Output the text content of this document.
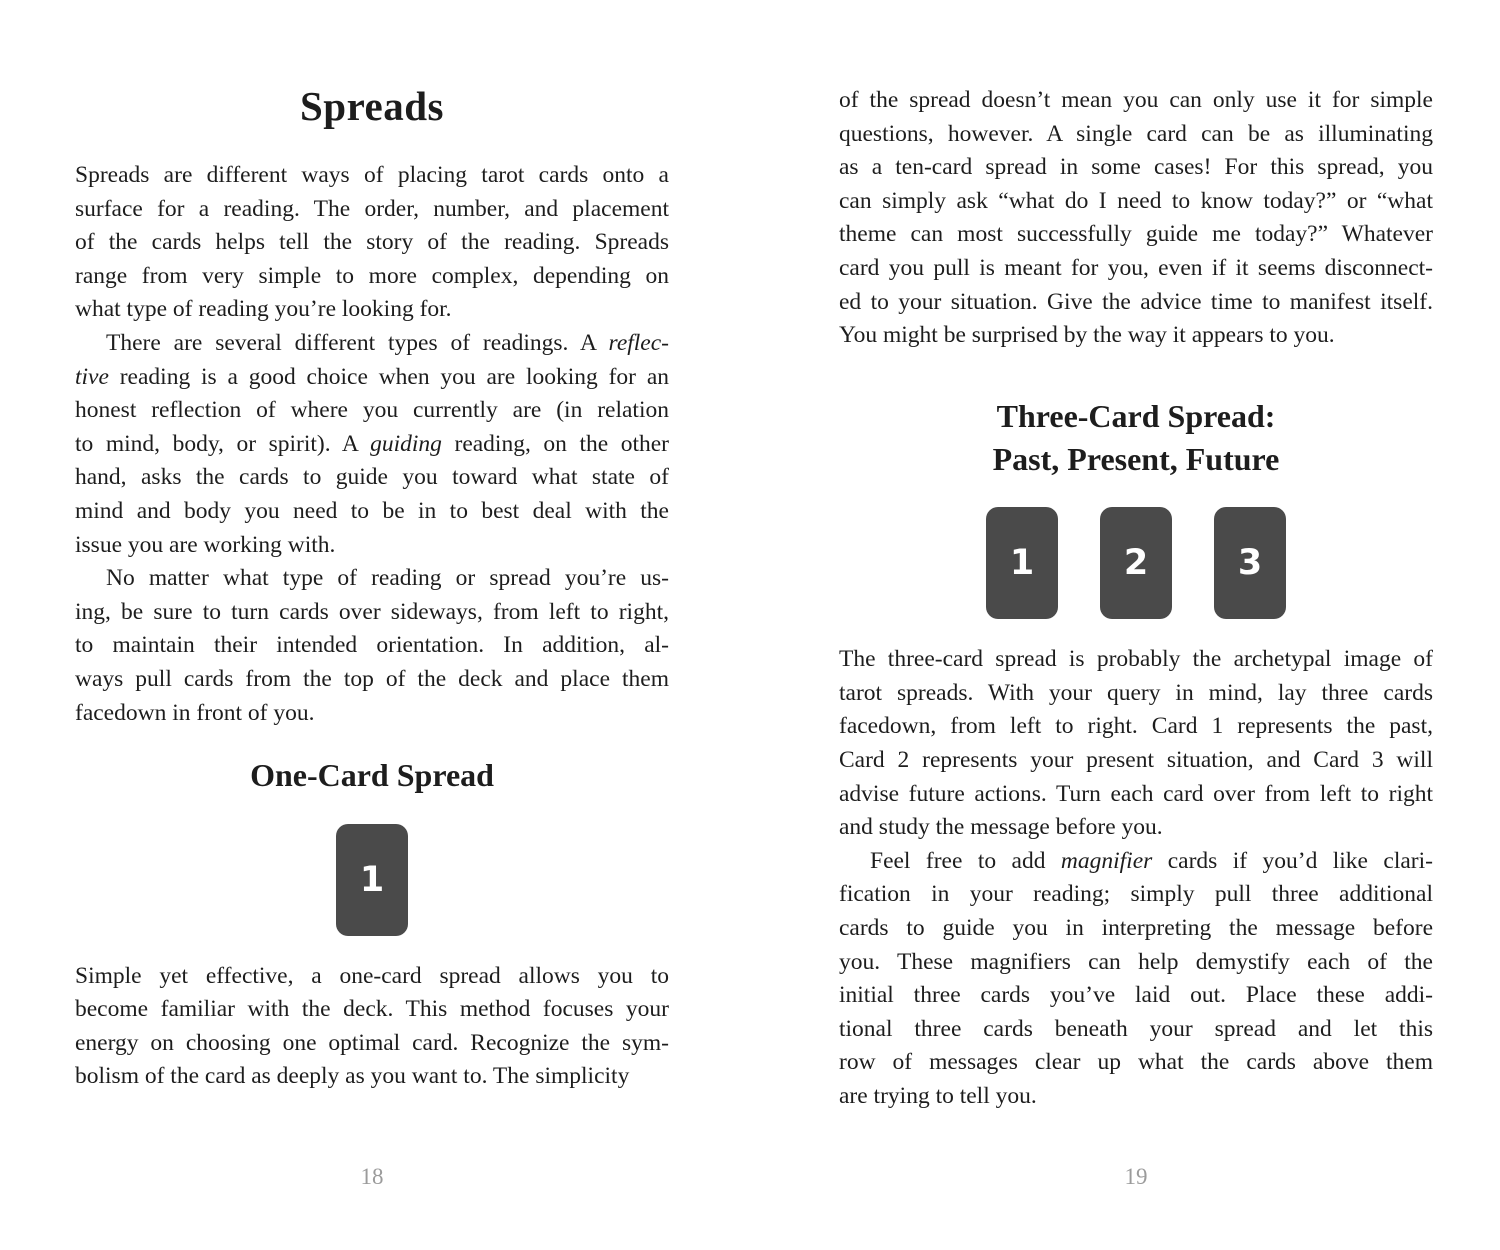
Spreads
Spreads are different ways of placing tarot cards onto a
surface for a reading. The order, number, and placement
of the cards helps tell the story of the reading. Spreads
range from very simple to more complex, depending on
what type of reading you’re looking for.
There are several different types of readings. A reflec-
tive reading is a good choice when you are looking for an
honest reflection of where you currently are (in relation
to mind, body, or spirit). A guiding reading, on the other
hand, asks the cards to guide you toward what state of
mind and body you need to be in to best deal with the
issue you are working with.
No matter what type of reading or spread you’re us-
ing, be sure to turn cards over sideways, from left to right,
to maintain their intended orientation. In addition, al-
ways pull cards from the top of the deck and place them
facedown in front of you.
One-Card Spread
1
Simple yet effective, a one-card spread allows you to
become familiar with the deck. This method focuses your
energy on choosing one optimal card. Recognize the sym-
bolism of the card as deeply as you want to. The simplicity
18
of the spread doesn’t mean you can only use it for simple
questions, however. A single card can be as illuminating
as a ten-card spread in some cases! For this spread, you
can simply ask “what do I need to know today?” or “what
theme can most successfully guide me today?” Whatever
card you pull is meant for you, even if it seems disconnect-
ed to your situation. Give the advice time to manifest itself.
You might be surprised by the way it appears to you.
Three-Card Spread:
Past, Present, Future
1	2	3
The three-card spread is probably the archetypal image of
tarot spreads. With your query in mind, lay three cards
facedown, from left to right. Card 1 represents the past,
Card 2 represents your present situation, and Card 3 will
advise future actions. Turn each card over from left to right
and study the message before you.
Feel free to add magnifier cards if you’d like clari-
fication in your reading; simply pull three additional
cards to guide you in interpreting the message before
you. These magnifiers can help demystify each of the
initial three cards you’ve laid out. Place these addi-
tional three cards beneath your spread and let this
row of messages clear up what the cards above them
are trying to tell you.
19
